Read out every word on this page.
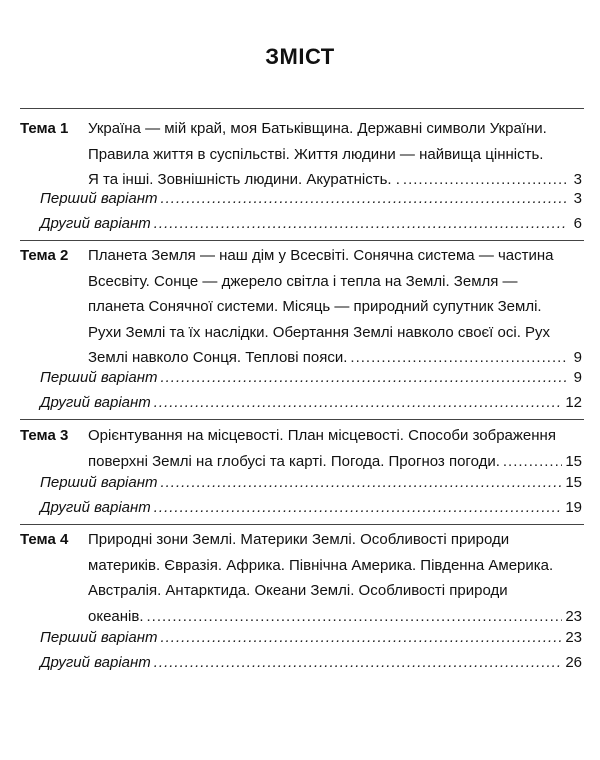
ЗМІСТ
Тема 1 Україна — мій край, моя Батьківщина. Державні символи України.
Правила життя в суспільстві. Життя людини — найвища цінність.
Я та інші. Зовнішність людини. Акуратність. . .....	3
Перший варіант .....	3
Другий варіант .....	6
Тема 2 Планета Земля — наш дім у Всесвіті. Сонячна система — частина
Всесвіту. Сонце — джерело світла і тепла на Землі. Земля —
планета Сонячної системи. Місяць — природний супутник Землі.
Рухи Землі та їх наслідки. Обертання Землі навколо своєї осі. Рух
Землі навколо Сонця. Теплові пояси. .....	9
Перший варіант .....	9
Другий варіант .....	12
Тема 3 Орієнтування на місцевості. План місцевості. Способи зображення
поверхні Землі на глобусі та карті. Погода. Прогноз погоди. .....	15
Перший варіант .....	15
Другий варіант .....	19
Тема 4 Природні зони Землі. Материки Землі. Особливості природи
материків. Євразія. Африка. Північна Америка. Південна Америка.
Австралія. Антарктида. Океани Землі. Особливості природи
океанів. .....	23
Перший варіант .....	23
Другий варіант .....	26
